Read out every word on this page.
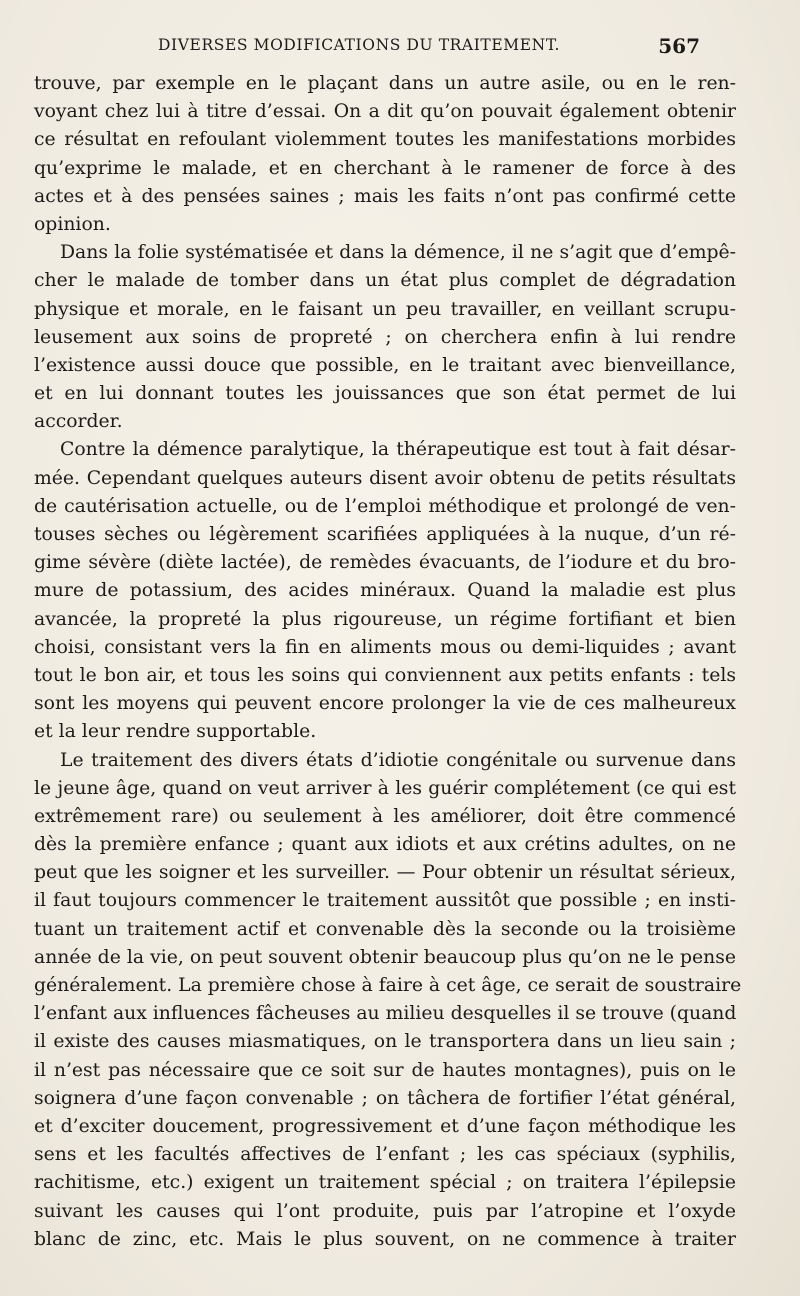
DIVERSES MODIFICATIONS DU TRAITEMENT.	567
trouve, par exemple en le plaçant dans un autre asile, ou en le ren-
voyant chez lui à titre d’essai. On a dit qu’on pouvait également obtenir
ce résultat en refoulant violemment toutes les manifestations morbides
qu’exprime le malade, et en cherchant à le ramener de force à des
actes et à des pensées saines ; mais les faits n’ont pas confirmé cette
opinion.
Dans la folie systématisée et dans la démence, il ne s’agit que d’empê-
cher le malade de tomber dans un état plus complet de dégradation
physique et morale, en le faisant un peu travailler, en veillant scrupu-
leusement aux soins de propreté ; on cherchera enfin à lui rendre
l’existence aussi douce que possible, en le traitant avec bienveillance,
et en lui donnant toutes les jouissances que son état permet de lui
accorder.
Contre la démence paralytique, la thérapeutique est tout à fait désar-
mée. Cependant quelques auteurs disent avoir obtenu de petits résultats
de cautérisation actuelle, ou de l’emploi méthodique et prolongé de ven-
touses sèches ou légèrement scarifiées appliquées à la nuque, d’un ré-
gime sévère (diète lactée), de remèdes évacuants, de l’iodure et du bro-
mure de potassium, des acides minéraux. Quand la maladie est plus
avancée, la propreté la plus rigoureuse, un régime fortifiant et bien
choisi, consistant vers la fin en aliments mous ou demi-liquides ; avant
tout le bon air, et tous les soins qui conviennent aux petits enfants : tels
sont les moyens qui peuvent encore prolonger la vie de ces malheureux
et la leur rendre supportable.
Le traitement des divers états d’idiotie congénitale ou survenue dans
le jeune âge, quand on veut arriver à les guérir complétement (ce qui est
extrêmement rare) ou seulement à les améliorer, doit être commencé
dès la première enfance ; quant aux idiots et aux crétins adultes, on ne
peut que les soigner et les surveiller. — Pour obtenir un résultat sérieux,
il faut toujours commencer le traitement aussitôt que possible ; en insti-
tuant un traitement actif et convenable dès la seconde ou la troisième
année de la vie, on peut souvent obtenir beaucoup plus qu’on ne le pense
généralement. La première chose à faire à cet âge, ce serait de soustraire
l’enfant aux influences fâcheuses au milieu desquelles il se trouve (quand
il existe des causes miasmatiques, on le transportera dans un lieu sain ;
il n’est pas nécessaire que ce soit sur de hautes montagnes), puis on le
soignera d’une façon convenable ; on tâchera de fortifier l’état général,
et d’exciter doucement, progressivement et d’une façon méthodique les
sens et les facultés affectives de l’enfant ; les cas spéciaux (syphilis,
rachitisme, etc.) exigent un traitement spécial ; on traitera l’épilepsie
suivant les causes qui l’ont produite, puis par l’atropine et l’oxyde
blanc de zinc, etc. Mais le plus souvent, on ne commence à traiter
